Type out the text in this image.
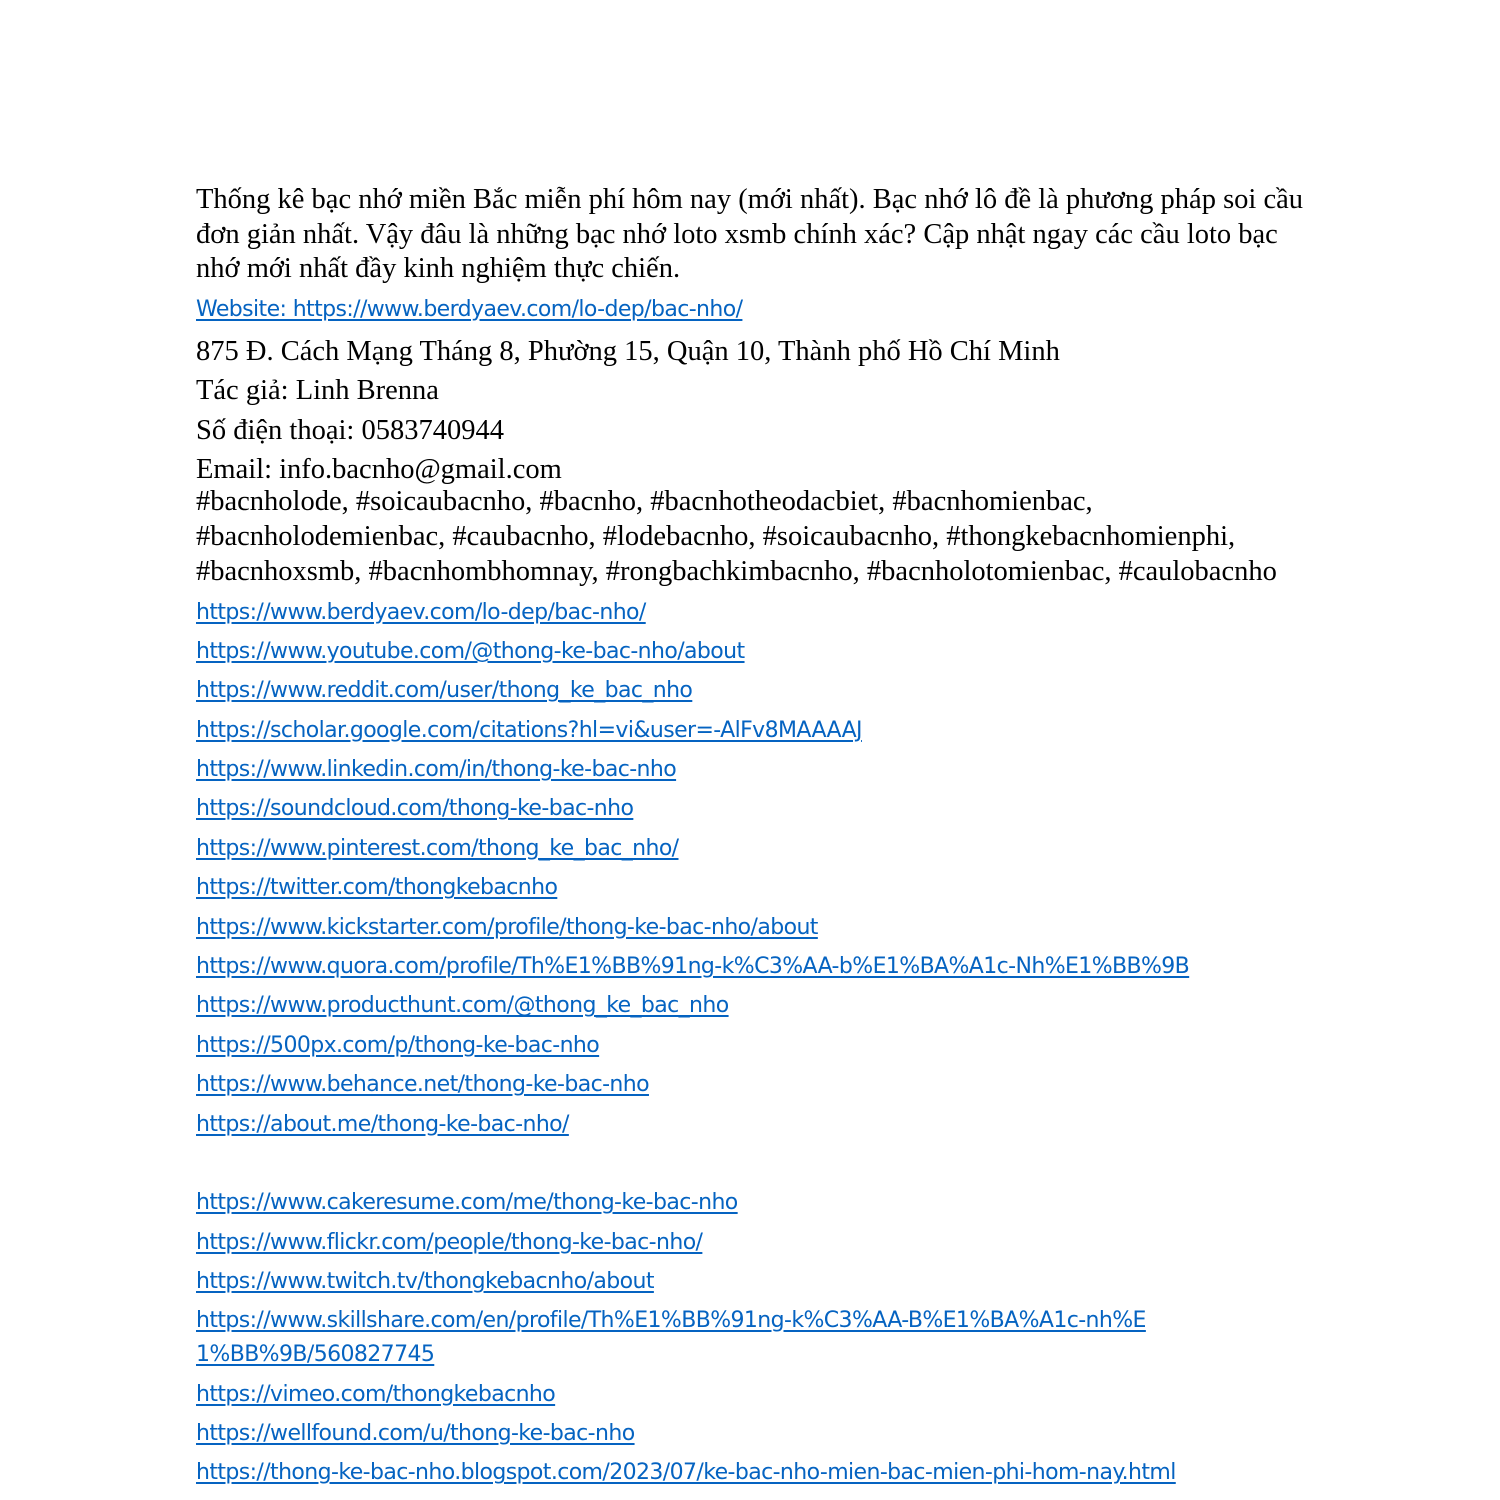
Thống kê bạc nhớ miền Bắc miễn phí hôm nay (mới nhất). Bạc nhớ lô đề là phương pháp soi cầu đơn giản nhất. Vậy đâu là những bạc nhớ loto xsmb chính xác? Cập nhật ngay các cầu loto bạc nhớ mới nhất đầy kinh nghiệm thực chiến.

Website: https://www.berdyaev.com/lo-dep/bac-nho/

875 Đ. Cách Mạng Tháng 8, Phường 15, Quận 10, Thành phố Hồ Chí Minh

Tác giả: Linh Brenna

Số điện thoại: 0583740944

Email: info.bacnho@gmail.com

#bacnholode, #soicaubacnho, #bacnho, #bacnhotheodacbiet, #bacnhomienbac, #bacnholodemienbac, #caubacnho, #lodebacnho, #soicaubacnho, #thongkebacnhomienphi, #bacnhoxsmb, #bacnhombhomnay, #rongbachkimbacnho, #bacnholotomienbac, #caulobacnho

https://www.berdyaev.com/lo-dep/bac-nho/
https://www.youtube.com/@thong-ke-bac-nho/about
https://www.reddit.com/user/thong_ke_bac_nho
https://scholar.google.com/citations?hl=vi&user=-AlFv8MAAAAJ
https://www.linkedin.com/in/thong-ke-bac-nho
https://soundcloud.com/thong-ke-bac-nho
https://www.pinterest.com/thong_ke_bac_nho/
https://twitter.com/thongkebacnho
https://www.kickstarter.com/profile/thong-ke-bac-nho/about
https://www.quora.com/profile/Th%E1%BB%91ng-k%C3%AA-b%E1%BA%A1c-Nh%E1%BB%9B
https://www.producthunt.com/@thong_ke_bac_nho
https://500px.com/p/thong-ke-bac-nho
https://www.behance.net/thong-ke-bac-nho
https://about.me/thong-ke-bac-nho/
https://www.cakeresume.com/me/thong-ke-bac-nho
https://www.flickr.com/people/thong-ke-bac-nho/
https://www.twitch.tv/thongkebacnho/about
https://www.skillshare.com/en/profile/Th%E1%BB%91ng-k%C3%AA-B%E1%BA%A1c-nh%E1%BB%9B/560827745
https://vimeo.com/thongkebacnho
https://wellfound.com/u/thong-ke-bac-nho
https://thong-ke-bac-nho.blogspot.com/2023/07/ke-bac-nho-mien-bac-mien-phi-hom-nay.html
